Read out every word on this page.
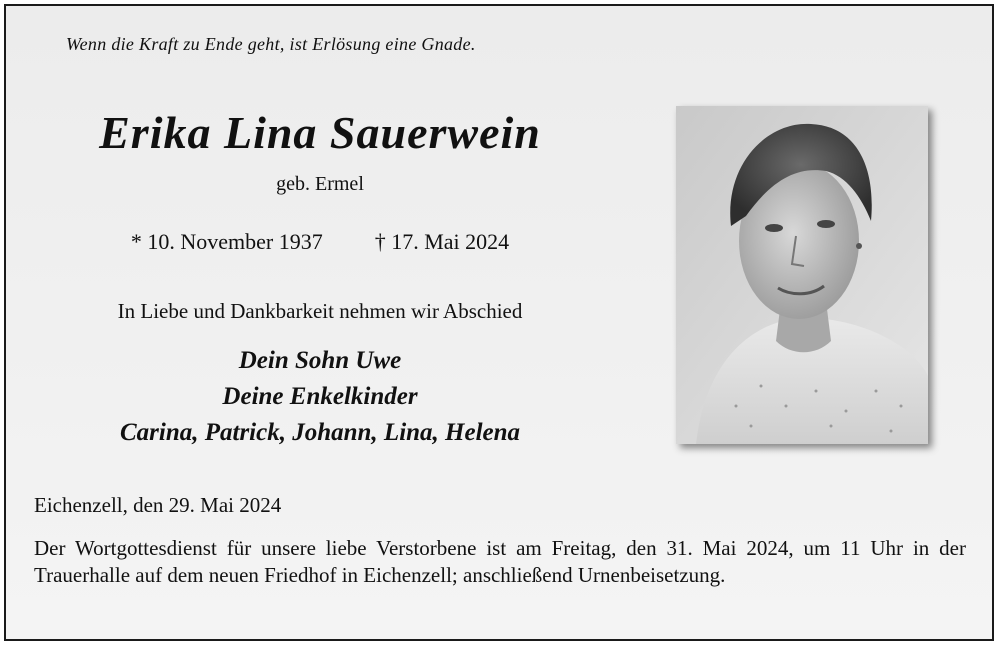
Wenn die Kraft zu Ende geht, ist Erlösung eine Gnade.
Erika Lina Sauerwein
geb. Ermel
* 10. November 1937 † 17. Mai 2024
In Liebe und Dankbarkeit nehmen wir Abschied
Dein Sohn Uwe
Deine Enkelkinder
Carina, Patrick, Johann, Lina, Helena
Eichenzell, den 29. Mai 2024
Der Wortgottesdienst für unsere liebe Verstorbene ist am Freitag, den 31. Mai 2024, um 11 Uhr in der Trauerhalle auf dem neuen Friedhof in Eichenzell; anschließend Urnenbeisetzung.
